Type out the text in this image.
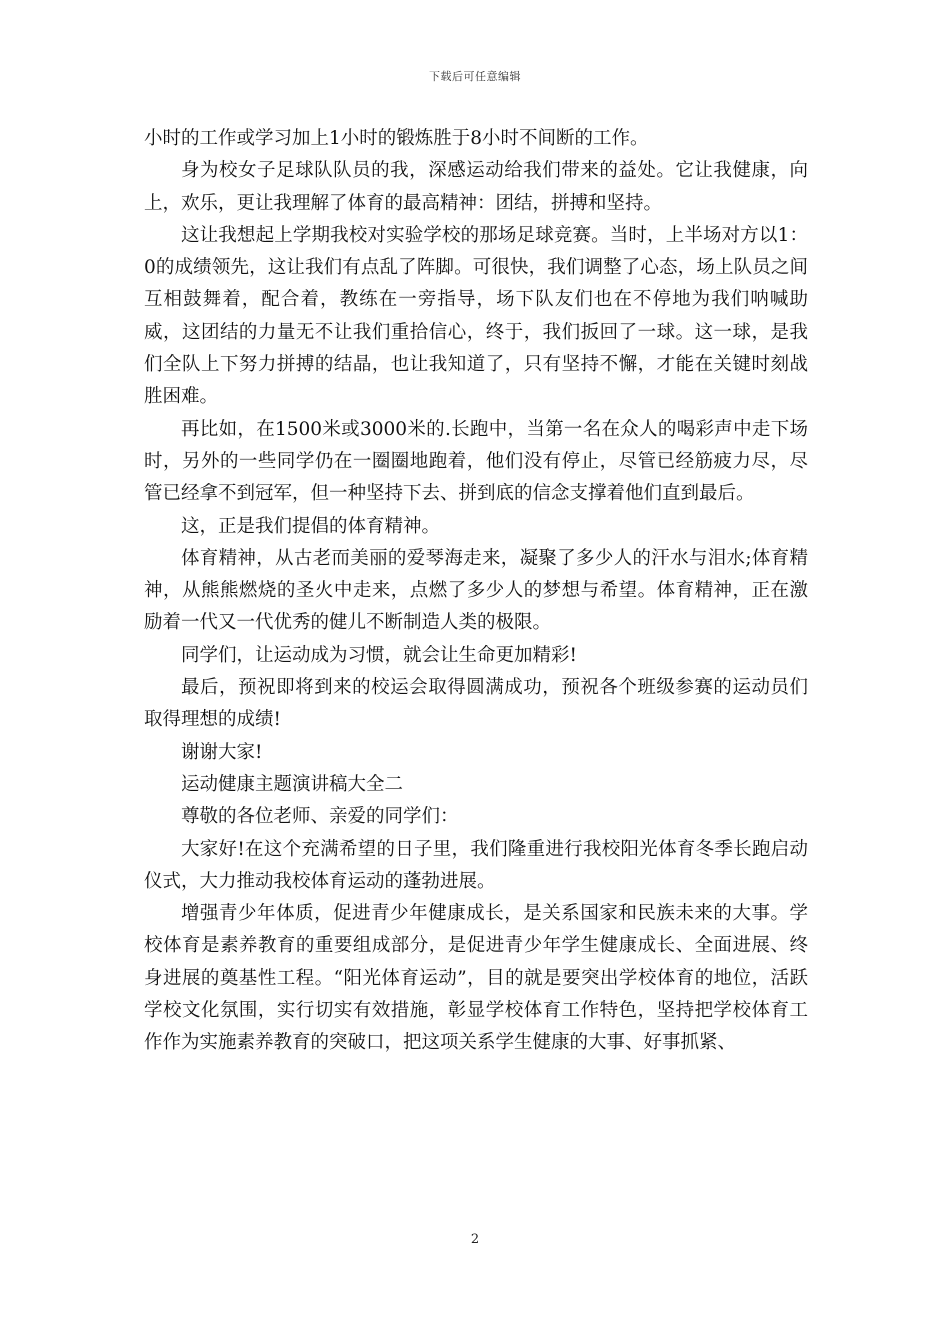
下载后可任意编辑

小时的工作或学习加上1小时的锻炼胜于8小时不间断的工作。

身为校女子足球队队员的我，深感运动给我们带来的益处。它让我健康，向上，欢乐，更让我理解了体育的最高精神：团结，拼搏和坚持。

这让我想起上学期我校对实验学校的那场足球竞赛。当时，上半场对方以1：0的成绩领先，这让我们有点乱了阵脚。可很快，我们调整了心态，场上队员之间互相鼓舞着，配合着，教练在一旁指导，场下队友们也在不停地为我们呐喊助威，这团结的力量无不让我们重拾信心，终于，我们扳回了一球。这一球，是我们全队上下努力拼搏的结晶，也让我知道了，只有坚持不懈，才能在关键时刻战胜困难。

再比如，在1500米或3000米的.长跑中，当第一名在众人的喝彩声中走下场时，另外的一些同学仍在一圈圈地跑着，他们没有停止，尽管已经筋疲力尽，尽管已经拿不到冠军，但一种坚持下去、拼到底的信念支撑着他们直到最后。

这，正是我们提倡的体育精神。

体育精神，从古老而美丽的爱琴海走来，凝聚了多少人的汗水与泪水;体育精神，从熊熊燃烧的圣火中走来，点燃了多少人的梦想与希望。体育精神，正在激励着一代又一代优秀的健儿不断制造人类的极限。

同学们，让运动成为习惯，就会让生命更加精彩!

最后，预祝即将到来的校运会取得圆满成功，预祝各个班级参赛的运动员们取得理想的成绩!

谢谢大家!

运动健康主题演讲稿大全二

尊敬的各位老师、亲爱的同学们：

大家好!在这个充满希望的日子里，我们隆重进行我校阳光体育冬季长跑启动仪式，大力推动我校体育运动的蓬勃进展。

增强青少年体质，促进青少年健康成长，是关系国家和民族未来的大事。学校体育是素养教育的重要组成部分，是促进青少年学生健康成长、全面进展、终身进展的奠基性工程。“阳光体育运动”，目的就是要突出学校体育的地位，活跃学校文化氛围，实行切实有效措施，彰显学校体育工作特色，坚持把学校体育工作作为实施素养教育的突破口，把这项关系学生健康的大事、好事抓紧、

2
